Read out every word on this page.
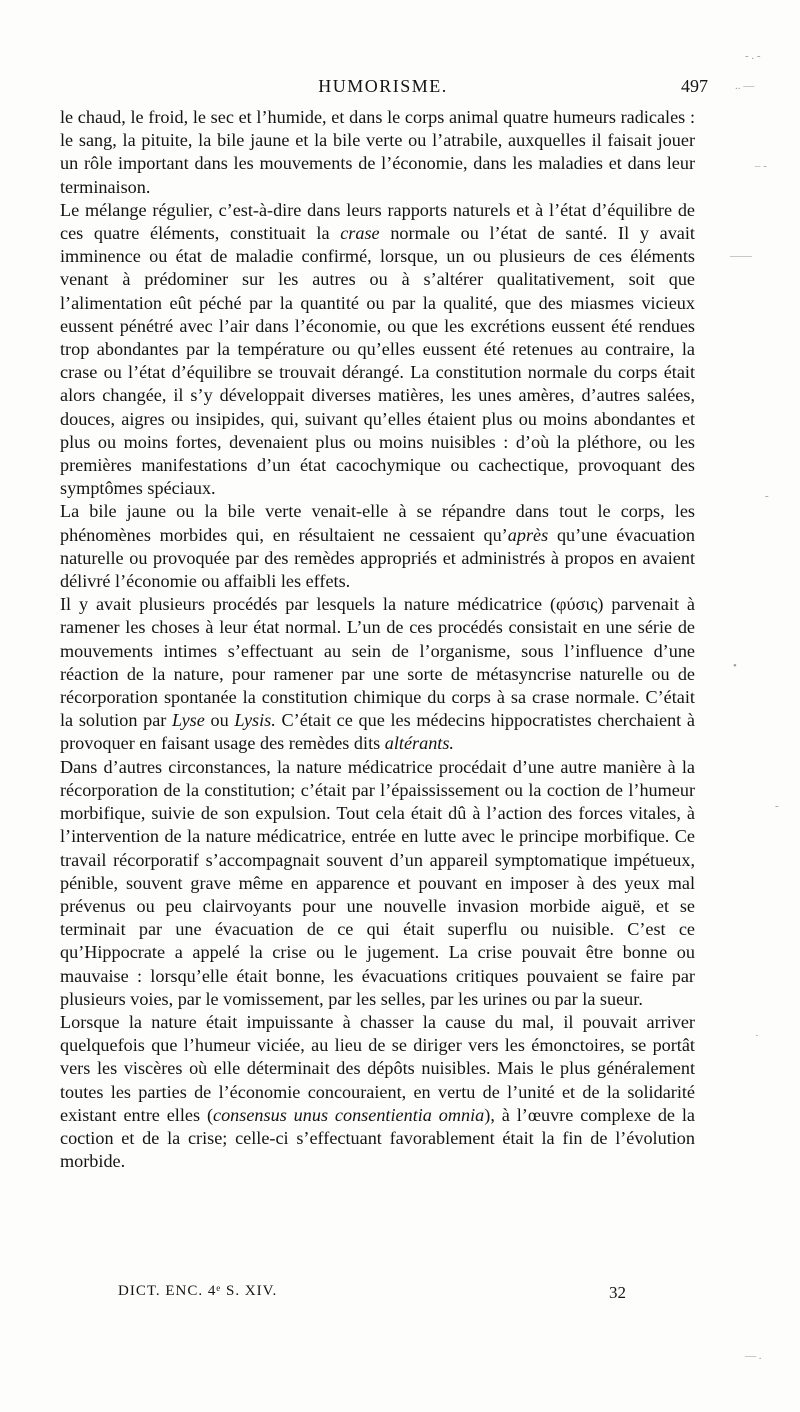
HUMORISME.	497

le chaud, le froid, le sec et l’humide, et dans le corps animal quatre humeurs radicales : le sang, la pituite, la bile jaune et la bile verte ou l’atrabile, auxquelles il faisait jouer un rôle important dans les mouvements de l’économie, dans les maladies et dans leur terminaison.

Le mélange régulier, c’est-à-dire dans leurs rapports naturels et à l’état d’équilibre de ces quatre éléments, constituait la crase normale ou l’état de santé. Il y avait imminence ou état de maladie confirmé, lorsque, un ou plusieurs de ces éléments venant à prédominer sur les autres ou à s’altérer qualitativement, soit que l’alimentation eût péché par la quantité ou par la qualité, que des miasmes vicieux eussent pénétré avec l’air dans l’économie, ou que les excrétions eussent été rendues trop abondantes par la température ou qu’elles eussent été retenues au contraire, la crase ou l’état d’équilibre se trouvait dérangé. La constitution normale du corps était alors changée, il s’y développait diverses matières, les unes amères, d’autres salées, douces, aigres ou insipides, qui, suivant qu’elles étaient plus ou moins abondantes et plus ou moins fortes, devenaient plus ou moins nuisibles : d’où la pléthore, ou les premières manifestations d’un état cacochymique ou cachectique, provoquant des symptômes spéciaux.

La bile jaune ou la bile verte venait-elle à se répandre dans tout le corps, les phénomènes morbides qui, en résultaient ne cessaient qu’après qu’une évacuation naturelle ou provoquée par des remèdes appropriés et administrés à propos en avaient délivré l’économie ou affaibli les effets.

Il y avait plusieurs procédés par lesquels la nature médicatrice (φύσις) parvenait à ramener les choses à leur état normal. L’un de ces procédés consistait en une série de mouvements intimes s’effectuant au sein de l’organisme, sous l’influence d’une réaction de la nature, pour ramener par une sorte de métasyncrise naturelle ou de récorporation spontanée la constitution chimique du corps à sa crase normale. C’était la solution par Lyse ou Lysis. C’était ce que les médecins hippocratistes cherchaient à provoquer en faisant usage des remèdes dits altérants.

Dans d’autres circonstances, la nature médicatrice procédait d’une autre manière à la récorporation de la constitution; c’était par l’épaississement ou la coction de l’humeur morbifique, suivie de son expulsion. Tout cela était dû à l’action des forces vitales, à l’intervention de la nature médicatrice, entrée en lutte avec le principe morbifique. Ce travail récorporatif s’accompagnait souvent d’un appareil symptomatique impétueux, pénible, souvent grave même en apparence et pouvant en imposer à des yeux mal prévenus ou peu clairvoyants pour une nouvelle invasion morbide aiguë, et se terminait par une évacuation de ce qui était superflu ou nuisible. C’est ce qu’Hippocrate a appelé la crise ou le jugement. La crise pouvait être bonne ou mauvaise : lorsqu’elle était bonne, les évacuations critiques pouvaient se faire par plusieurs voies, par le vomissement, par les selles, par les urines ou par la sueur.

Lorsque la nature était impuissante à chasser la cause du mal, il pouvait arriver quelquefois que l’humeur viciée, au lieu de se diriger vers les émonctoires, se portât vers les viscères où elle déterminait des dépôts nuisibles. Mais le plus généralement toutes les parties de l’économie concouraient, en vertu de l’unité et de la solidarité existant entre elles (consensus unus consentientia omnia), à l’œuvre complexe de la coction et de la crise; celle-ci s’effectuant favorablement était la fin de l’évolution morbide.

DICT. ENC. 4ᵉ S. XIV.	32
- . -
.. —
– -
——
-
•
-
·
— .
